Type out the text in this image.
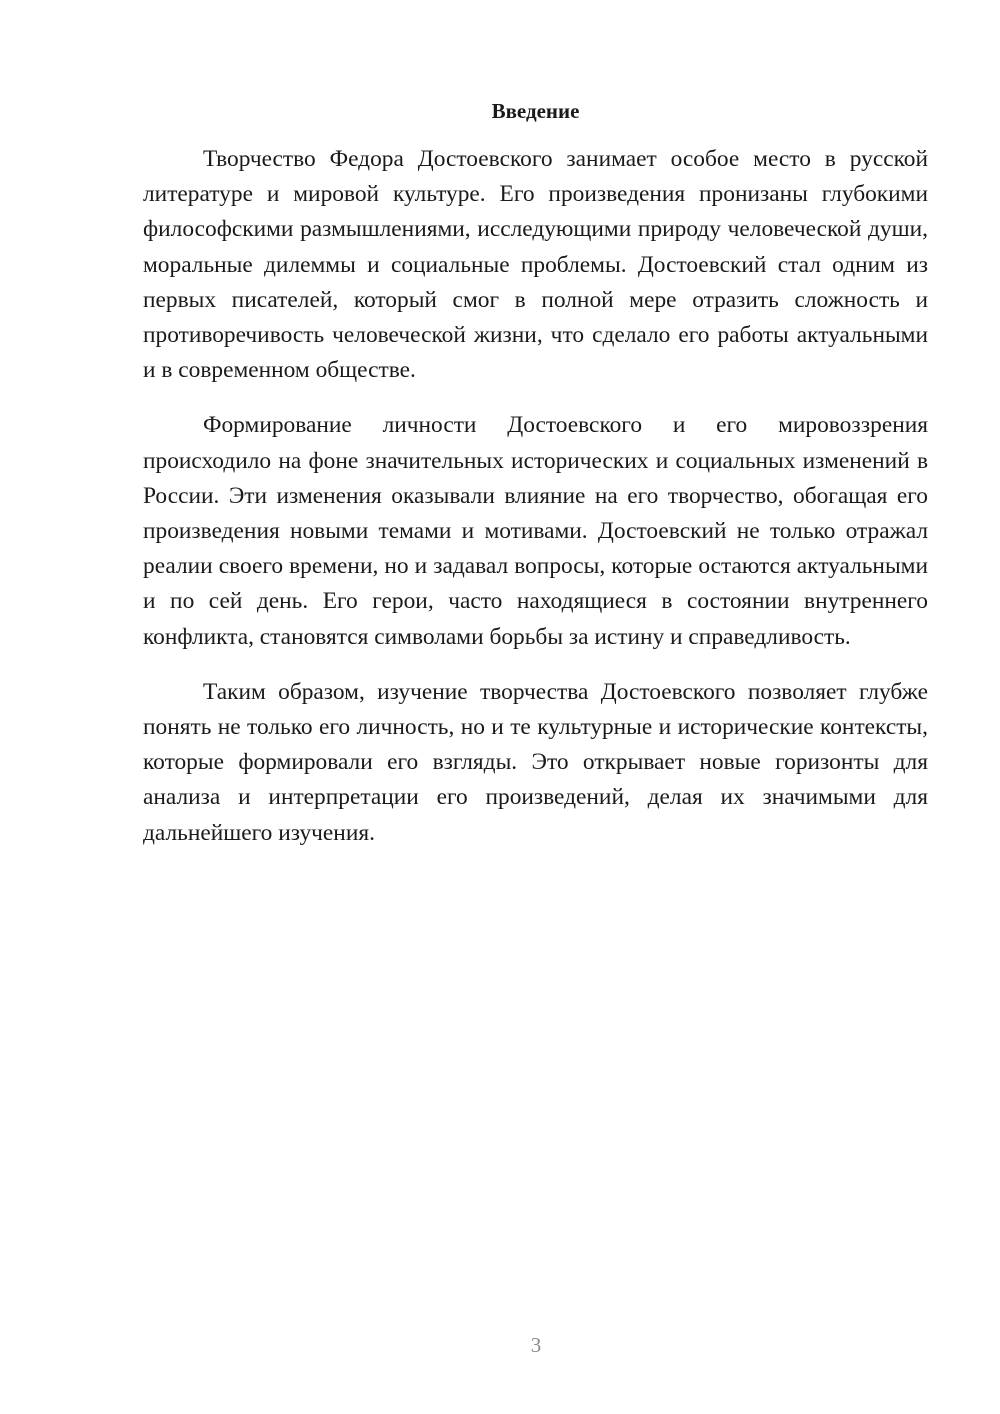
Введение

Творчество Федора Достоевского занимает особое место в русской литературе и мировой культуре. Его произведения пронизаны глубокими философскими размышлениями, исследующими природу человеческой души, моральные дилеммы и социальные проблемы. Достоевский стал одним из первых писателей, который смог в полной мере отразить сложность и противоречивость человеческой жизни, что сделало его работы актуальными и в современном обществе.

Формирование личности Достоевского и его мировоззрения происходило на фоне значительных исторических и социальных изменений в России. Эти изменения оказывали влияние на его творчество, обогащая его произведения новыми темами и мотивами. Достоевский не только отражал реалии своего времени, но и задавал вопросы, которые остаются актуальными и по сей день. Его герои, часто находящиеся в состоянии внутреннего конфликта, становятся символами борьбы за истину и справедливость.

Таким образом, изучение творчества Достоевского позволяет глубже понять не только его личность, но и те культурные и исторические контексты, которые формировали его взгляды. Это открывает новые горизонты для анализа и интерпретации его произведений, делая их значимыми для дальнейшего изучения.

3
